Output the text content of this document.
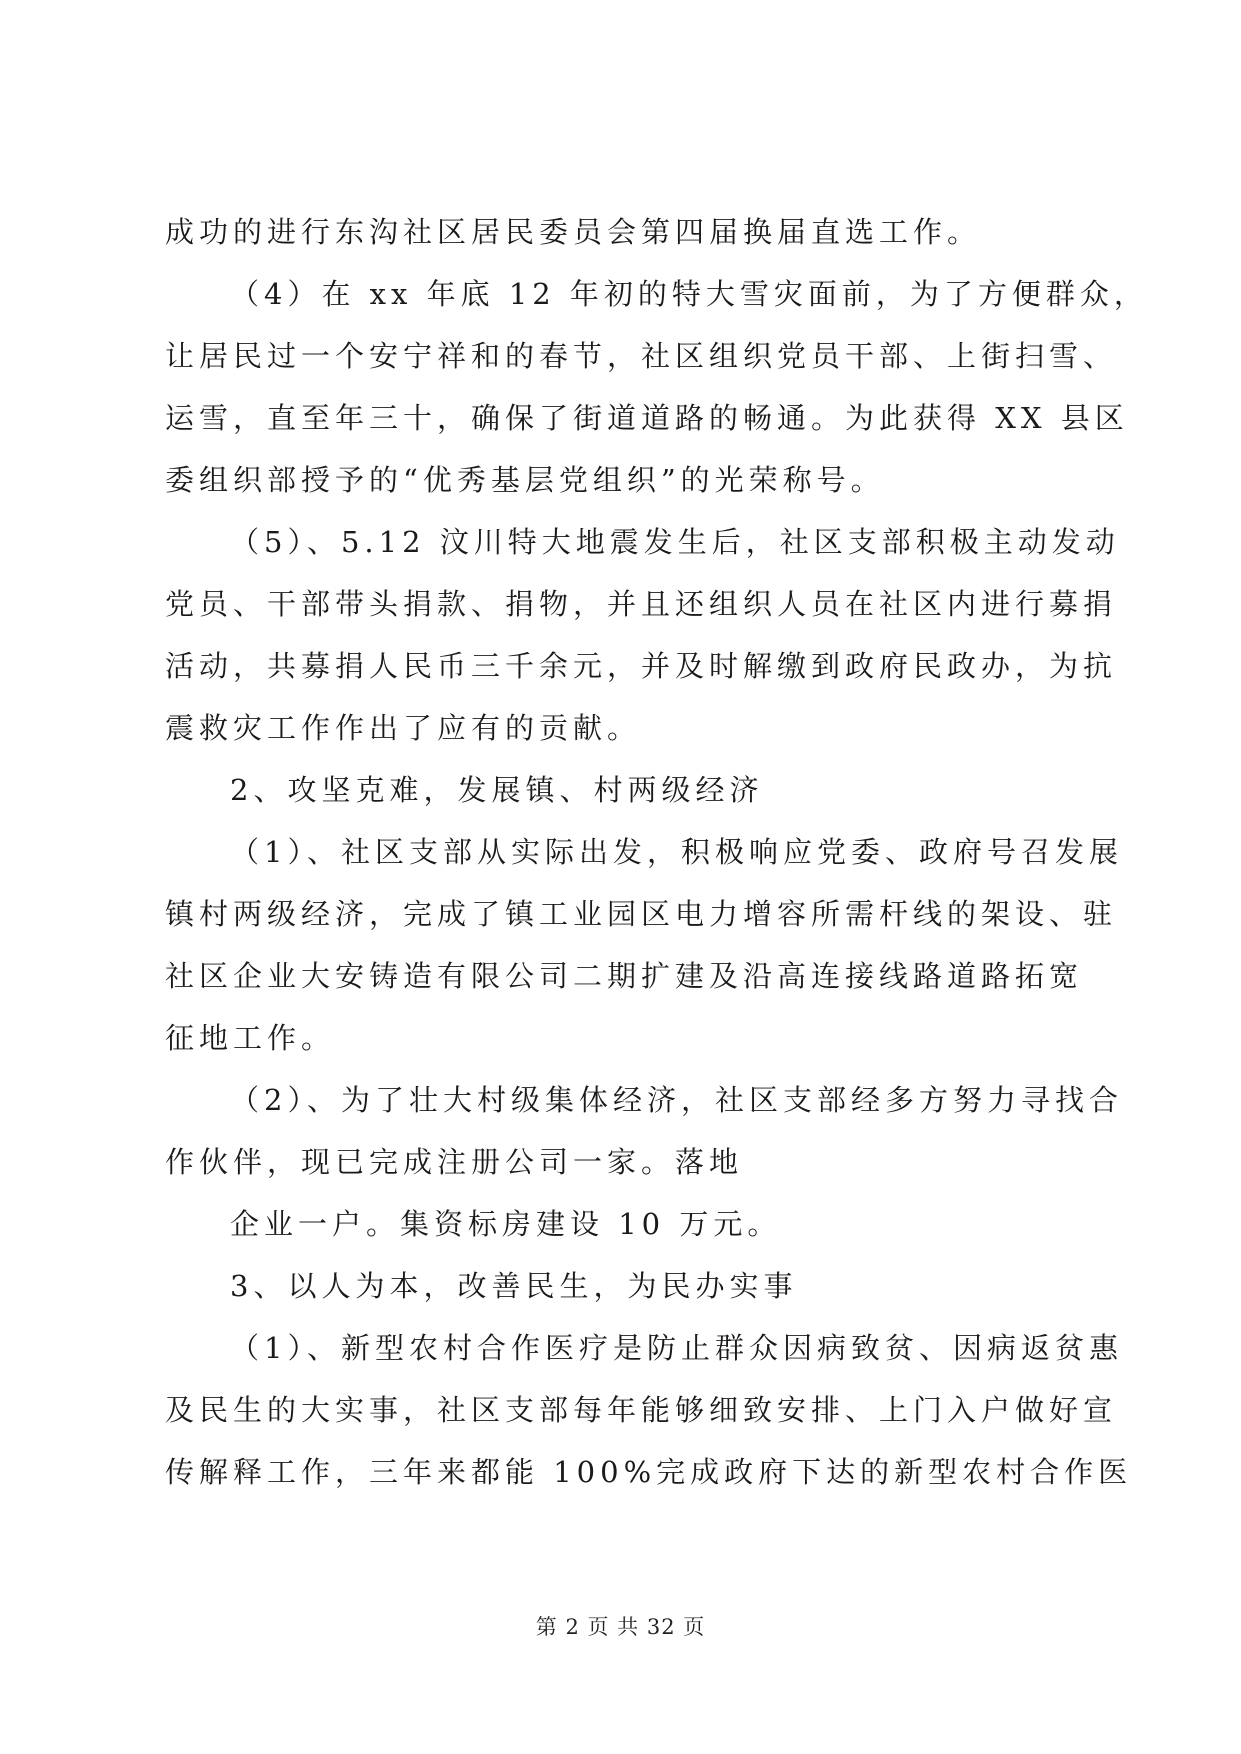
成功的进行东沟社区居民委员会第四届换届直选工作。
（4）在 xx 年底 12 年初的特大雪灾面前，为了方便群众，
让居民过一个安宁祥和的春节，社区组织党员干部、上街扫雪、
运雪，直至年三十，确保了街道道路的畅通。为此获得 XX 县区
委组织部授予的“优秀基层党组织”的光荣称号。
（5）、5.12 汶川特大地震发生后，社区支部积极主动发动
党员、干部带头捐款、捐物，并且还组织人员在社区内进行募捐
活动，共募捐人民币三千余元，并及时解缴到政府民政办，为抗
震救灾工作作出了应有的贡献。
2、攻坚克难，发展镇、村两级经济
（1）、社区支部从实际出发，积极响应党委、政府号召发展
镇村两级经济，完成了镇工业园区电力增容所需杆线的架设、驻
社区企业大安铸造有限公司二期扩建及沿高连接线路道路拓宽
征地工作。
（2）、为了壮大村级集体经济，社区支部经多方努力寻找合
作伙伴，现已完成注册公司一家。落地
企业一户。集资标房建设 10 万元。
3、以人为本，改善民生，为民办实事
（1）、新型农村合作医疗是防止群众因病致贫、因病返贫惠
及民生的大实事，社区支部每年能够细致安排、上门入户做好宣
传解释工作，三年来都能 100%完成政府下达的新型农村合作医
第 2 页 共 32 页
